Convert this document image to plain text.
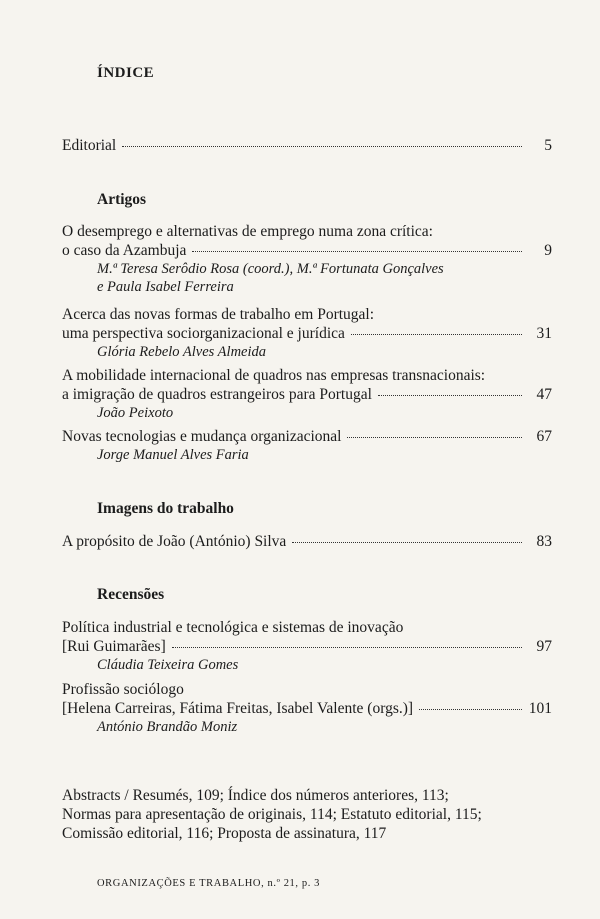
ÍNDICE
Editorial	5
Artigos
O desemprego e alternativas de emprego numa zona crítica:
o caso da Azambuja	9
M.ª Teresa Serôdio Rosa (coord.), M.ª Fortunata Gonçalves
e Paula Isabel Ferreira
Acerca das novas formas de trabalho em Portugal:
uma perspectiva sociorganizacional e jurídica	31
Glória Rebelo Alves Almeida
A mobilidade internacional de quadros nas empresas transnacionais:
a imigração de quadros estrangeiros para Portugal	47
João Peixoto
Novas tecnologias e mudança organizacional	67
Jorge Manuel Alves Faria
Imagens do trabalho
A propósito de João (António) Silva	83
Recensões
Política industrial e tecnológica e sistemas de inovação
[Rui Guimarães]	97
Cláudia Teixeira Gomes
Profissão sociólogo
[Helena Carreiras, Fátima Freitas, Isabel Valente (orgs.)]	101
António Brandão Moniz
Abstracts / Resumés, 109; Índice dos números anteriores, 113;
Normas para apresentação de originais, 114; Estatuto editorial, 115;
Comissão editorial, 116; Proposta de assinatura, 117
ORGANIZAÇÕES E TRABALHO, n.º 21, p. 3
